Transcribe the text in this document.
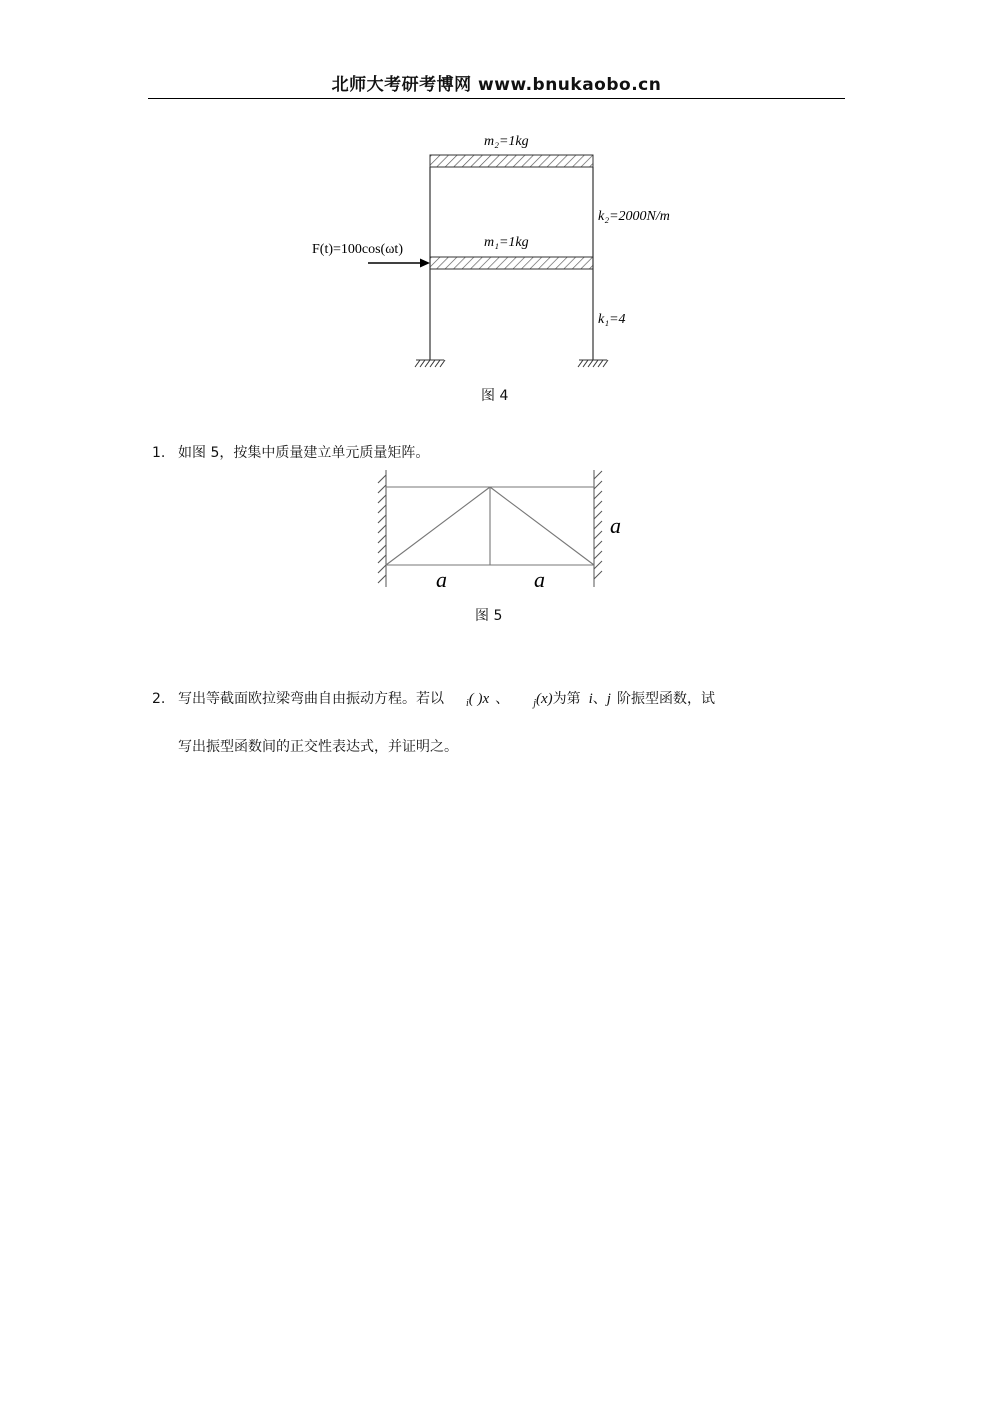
北师大考研考博网 www.bnukaobo.cn
m₂=1kg
k₂=2000N/m
m₁=1kg
F(t)=100cos(ωt)
k₁=4
图 4
1. 如图 5，按集中质量建立单元质量矩阵。
a	a
a
图 5
2. 写出等截面欧拉梁弯曲自由振动方程。若以 $_i$( )x 、 $_j$(x)为第 i、j 阶振型函数，试
写出振型函数间的正交性表达式，并证明之。
